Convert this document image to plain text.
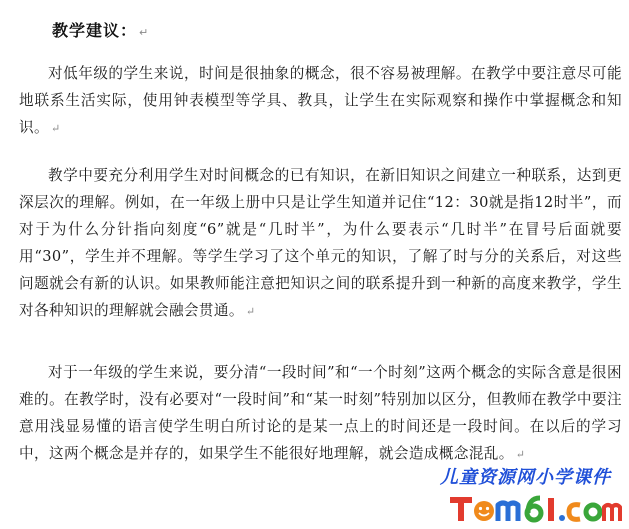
教学建议： ↵

对低年级的学生来说，时间是很抽象的概念，很不容易被理解。在教学中要注意尽可能地联系生活实际，使用钟表模型等学具、教具，让学生在实际观察和操作中掌握概念和知识。 ↵

教学中要充分利用学生对时间概念的已有知识，在新旧知识之间建立一种联系，达到更深层次的理解。例如，在一年级上册中只是让学生知道并记住“12：30就是指12时半”，而对于为什么分针指向刻度“6”就是“几时半”，为什么要表示“几时半”在冒号后面就要用“30”，学生并不理解。等学生学习了这个单元的知识，了解了时与分的关系后，对这些问题就会有新的认识。如果教师能注意把知识之间的联系提升到一种新的高度来教学，学生对各种知识的理解就会融会贯通。 ↵

对于一年级的学生来说，要分清“一段时间”和“一个时刻”这两个概念的实际含意是很困难的。在教学时，没有必要对“一段时间”和“某一时刻”特别加以区分，但教师在教学中要注意用浅显易懂的语言使学生明白所讨论的是某一点上的时间还是一段时间。在以后的学习中，这两个概念是并存的，如果学生不能很好地理解，就会造成概念混乱。 ↵

儿童资源网小学课件
